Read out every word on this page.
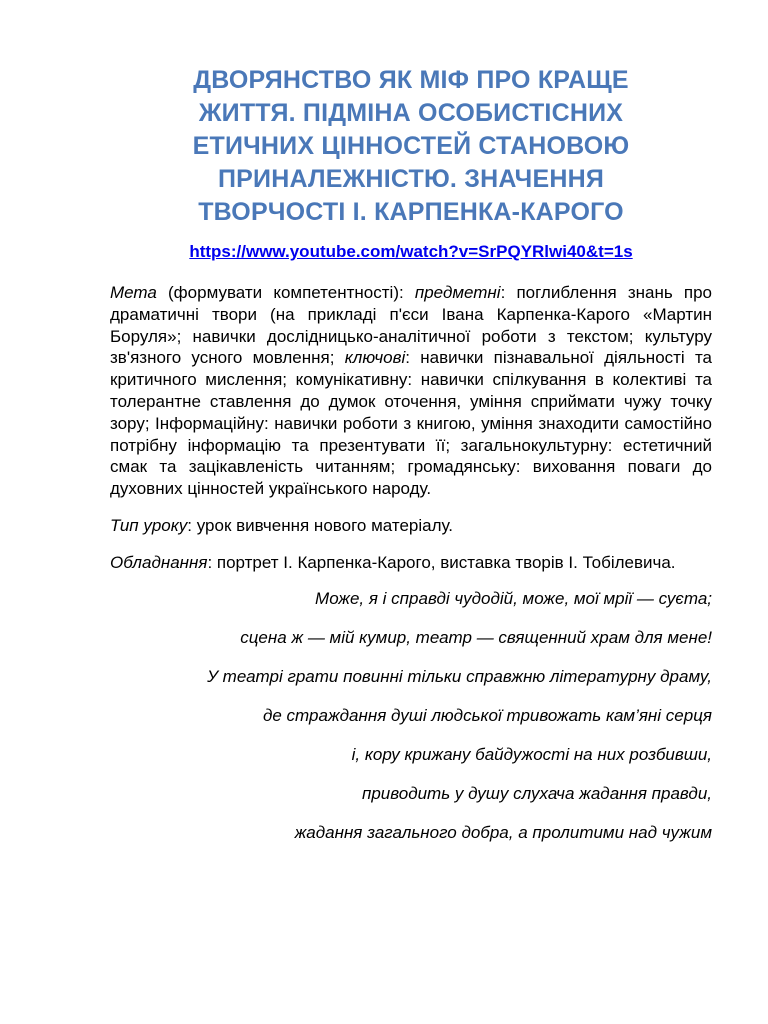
ДВОРЯНСТВО ЯК МІФ ПРО КРАЩЕ
ЖИТТЯ. ПІДМІНА ОСОБИСТІСНИХ
ЕТИЧНИХ ЦІННОСТЕЙ СТАНОВОЮ
ПРИНАЛЕЖНІСТЮ. ЗНАЧЕННЯ
ТВОРЧОСТІ І. КАРПЕНКА-КАРОГО
https://www.youtube.com/watch?v=SrPQYRlwi40&t=1s

Мета (формувати компетентності): предметні: поглиблення знань про драматичні твори (на прикладі п'єси Івана Карпенка-Карого «Мартин Боруля»; навички дослідницько-аналітичної роботи з текстом; культуру зв'язного усного мовлення; ключові: навички пізнавальної діяльності та критичного мислення; комунікативну: навички спілкування в колективі та толерантне ставлення до думок оточення, уміння сприймати чужу точку зору; Інформаційну: навички роботи з книгою, уміння знаходити самостійно потрібну інформацію та презентувати її; загальнокультурну: естетичний смак та зацікавленість читанням; громадянську: виховання поваги до духовних цінностей українського народу.

Тип уроку: урок вивчення нового матеріалу.

Обладнання: портрет І. Карпенка-Карого, виставка творів І. Тобілевича.

Може, я і справді чудодій, може, мої мрії — суєта;

сцена ж — мій кумир, театр — священний храм для мене!

У театрі грати повинні тільки справжню літературну драму,

де страждання душі людської тривожать кам’яні серця

і, кору крижану байдужості на них розбивши,

приводить у душу слухача жадання правди,

жадання загального добра, а пролитими над чужим
